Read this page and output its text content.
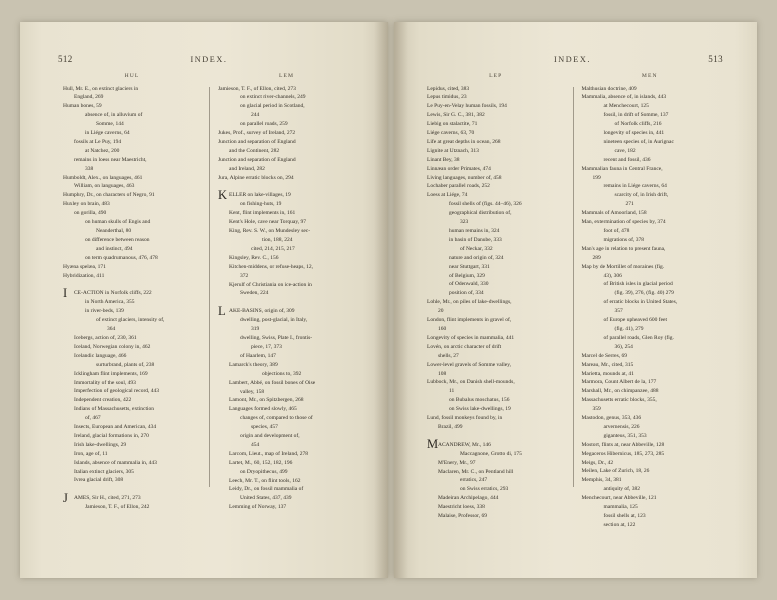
512	INDEX.
HUL

Hull, Mr. E., on extinct glaciers in

England, 269

Human bones, 59

absence of, in alluvium of

Somme, 144

in Liége caverns, 64

fossils at Le Puy, 194

at Natchez, 200

remains in loess near Maestricht,

338

Humboldt, Alex., on languages, 461

William, on languages, 463

Humphry, Dr., on characters of Negro, 91

Huxley on brain, 483

on gorilla, 490

on human skulls of Engis and

Neanderthal, 80

on difference between reason

and instinct, 494

on term quadrumanous, 476, 478

Hyæna spelæa, 171

Hybridization, 411

I CE-ACTION in Norfolk cliffs, 222

in North America, 355

in river-beds, 139

of extinct glaciers, intensity of,

364

Icebergs, action of, 230, 361

Iceland, Norwegian colony in, 462

Icelandic language, 466

surturbrand, plants of, 238

Icklingham flint implements, 169

Immortality of the soul, 493

Imperfection of geological record, 443

Independent creation, 422

Indians of Massachusetts, extinction

of, 467

Insects, European and American, 434

Ireland, glacial formations in, 270

Irish lake-dwellings, 29

Iron, age of, 11

Islands, absence of mammalia in, 443

Italian extinct glaciers, 305

Ivrea glacial drift, 308

J AMES, Sir H., cited, 271, 273

Jamieson, T. F., of Ellon, 242

LEM

Jamieson, T. F., of Ellon, cited, 273

on extinct river-channels, 249

on glacial period in Scotland,

244

on parallel roads, 259

Jukes, Prof., survey of Ireland, 272

Junction and separation of England

and the Continent, 282

Junction and separation of England

and Ireland, 282

Jura, Alpine erratic blocks on, 294

K ELLER on lake-villages, 19

on fishing-huts, 19

Kent, flint implements in, 161

Kent's Hole, cave near Torquay, 97

King, Rev. S. W., on Mundesley sec-

tion, 188, 224

cited, 214, 215, 217

Kingsley, Rev. C., 156

Kitchen-middens, or refuse-heaps, 12,

372

Kjerulf of Christiania on ice-action in

Sweden, 224

L AKE-BASINS, origin of, 309

dwelling, post-glacial, in Italy,

319

dwelling, Swiss, Plate I., frontis-

piece, 17, 373

of Haarlem, 147

Lamarck's theory, 389

objections to, 392

Lambert, Abbé, on fossil bones of Oise

valley, 158

Lamont, Mr., on Spitzbergen, 268

Languages formed slowly, 465

changes of, compared to those of

species, 457

origin and development of,

454

Larcom, Lieut., map of Ireland, 278

Lartet, M., 60, 152, 182, 196

on Dryopithecus, 499

Leech, Mr. T., on flint tools, 162

Leidy, Dr., on fossil mammalia of

United States, 437, 439

Lemming of Norway, 137

INDEX.	513
LEP

Lepidus, cited, 383

Lepus timidus, 23

Le Puy-en-Velay human fossils, 194

Lewis, Sir G. C., 381, 382

Liebig on stalactite, 71

Liége caverns, 63, 70

Life at great depths in ocean, 268

Lignite at Utznach, 313

Linant Bey, 38

Linnæan order Primates, 474

Living languages, number of, 458

Lochaber parallel roads, 252

Loess at Liége, 74

fossil shells of (figs. 44–46), 326

geographical distribution of,

323

human remains in, 324

in basin of Danube, 333

of Neckar, 332

nature and origin of, 324

near Stuttgart, 331

of Belgium, 329

of Odenwald, 330

position of, 334

Lohle, Mr., on piles of lake-dwellings,

20

London, flint implements in gravel of,

160

Longevity of species in mammalia, 441

Lovén, on arctic character of drift

shells, 27

Lower-level gravels of Somme valley,

108

Lubbock, Mr., on Danish shell-mounds,

11

on Bubalus moschatus, 156

on Swiss lake-dwellings, 19

Lund, fossil monkeys found by, in

Brazil, 499

M ACANDREW, Mr., 146

Maccagnone, Grotto di, 175

M'Enery, Mr., 97

Maclaren, Mr. C., on Pentland hill

erratics, 247

on Swiss erratics, 293

Madeiran Archipelago, 444

Maestricht loess, 338

Malaise, Professor, 69

MEN

Malthusian doctrine, 409

Mammalia, absence of, in islands, 443

at Menchecourt, 125

fossil, in drift of Somme, 137

of Norfolk cliffs, 216

longevity of species in, 441

nineteen species of, in Aurignac

cave, 182

recent and fossil, 436

Mammalian fauna in Central France,

199

remains in Liége caverns, 64

scarcity of, in Irish drift,

271

Mammals of Amoorland, 158

Man, extermination of species by, 374

foot of, 478

migrations of, 378

Man's age in relation to present fauna,

289

Map by de Mortillet of moraines (fig.

43), 306

of British isles in glacial period

(fig. 39), 276, (fig. 40) 279

of erratic blocks in United States,

357

of Europe upheaved 600 feet

(fig. 41), 279

of parallel roads, Glen Roy (fig.

36), 254

Marcel de Serres, 69

Mareau, Mr., cited, 315

Marietta, mounds at, 41

Marmora, Count Albert de la, 177

Marshall, Mr., on chimpanzee, 488

Massachusetts erratic blocks, 355,

359

Mastodon, genus, 353, 436

arvernensis, 226

giganteus, 351, 353

Mostort, flints at, near Abbeville, 128

Megaceros Hibernicus, 185, 273, 285

Meigs, Dr., 42

Meilen, Lake of Zurich, 18, 26

Memphis, 34, 381

antiquity of, 382

Menchecourt, near Abbeville, 121

mammalia, 125

fossil shells at, 123

section at, 122
